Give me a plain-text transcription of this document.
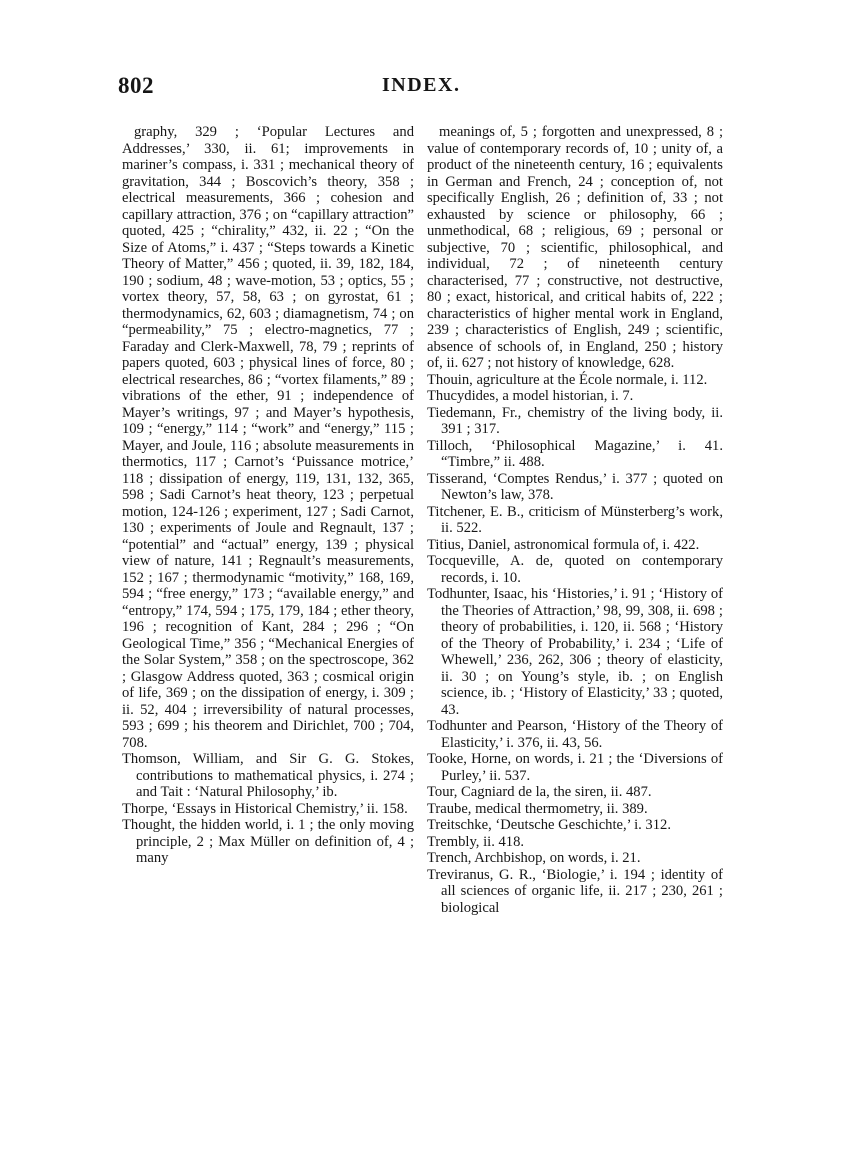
802	INDEX.
graphy, 329 ; ‘Popular Lectures and Addresses,’ 330, ii. 61; improvements in mariner’s compass, i. 331 ; mechanical theory of gravitation, 344 ; Boscovich’s theory, 358 ; electrical measurements, 366 ; cohesion and capillary attraction, 376 ; on “capillary attraction” quoted, 425 ; “chirality,” 432, ii. 22 ; “On the Size of Atoms,” i. 437 ; “Steps towards a Kinetic Theory of Matter,” 456 ; quoted, ii. 39, 182, 184, 190 ; sodium, 48 ; wave-motion, 53 ; optics, 55 ; vortex theory, 57, 58, 63 ; on gyrostat, 61 ; thermodynamics, 62, 603 ; diamagnetism, 74 ; on “permeability,” 75 ; electro-magnetics, 77 ; Faraday and Clerk-Maxwell, 78, 79 ; reprints of papers quoted, 603 ; physical lines of force, 80 ; electrical researches, 86 ; “vortex filaments,” 89 ; vibrations of the ether, 91 ; independence of Mayer’s writings, 97 ; and Mayer’s hypothesis, 109 ; “energy,” 114 ; “work” and “energy,” 115 ; Mayer, and Joule, 116 ; absolute measurements in thermotics, 117 ; Carnot’s ‘Puissance motrice,’ 118 ; dissipation of energy, 119, 131, 132, 365, 598 ; Sadi Carnot’s heat theory, 123 ; perpetual motion, 124-126 ; experiment, 127 ; Sadi Carnot, 130 ; experiments of Joule and Regnault, 137 ; “potential” and “actual” energy, 139 ; physical view of nature, 141 ; Regnault’s measurements, 152 ; 167 ; thermodynamic “motivity,” 168, 169, 594 ; “free energy,” 173 ; “available energy,” and “entropy,” 174, 594 ; 175, 179, 184 ; ether theory, 196 ; recognition of Kant, 284 ; 296 ; “On Geological Time,” 356 ; “Mechanical Energies of the Solar System,” 358 ; on the spectroscope, 362 ; Glasgow Address quoted, 363 ; cosmical origin of life, 369 ; on the dissipation of energy, i. 309 ; ii. 52, 404 ; irreversibility of natural processes, 593 ; 699 ; his theorem and Dirichlet, 700 ; 704, 708.
Thomson, William, and Sir G. G. Stokes, contributions to mathematical physics, i. 274 ; and Tait : ‘Natural Philosophy,’ ib.
Thorpe, ‘Essays in Historical Chemistry,’ ii. 158.
Thought, the hidden world, i. 1 ; the only moving principle, 2 ; Max Müller on definition of, 4 ; many
meanings of, 5 ; forgotten and unexpressed, 8 ; value of contemporary records of, 10 ; unity of, a product of the nineteenth century, 16 ; equivalents in German and French, 24 ; conception of, not specifically English, 26 ; definition of, 33 ; not exhausted by science or philosophy, 66 ; unmethodical, 68 ; religious, 69 ; personal or subjective, 70 ; scientific, philosophical, and individual, 72 ; of nineteenth century characterised, 77 ; constructive, not destructive, 80 ; exact, historical, and critical habits of, 222 ; characteristics of higher mental work in England, 239 ; characteristics of English, 249 ; scientific, absence of schools of, in England, 250 ; history of, ii. 627 ; not history of knowledge, 628.
Thouin, agriculture at the École normale, i. 112.
Thucydides, a model historian, i. 7.
Tiedemann, Fr., chemistry of the living body, ii. 391 ; 317.
Tilloch, ‘Philosophical Magazine,’ i. 41. “Timbre,” ii. 488.
Tisserand, ‘Comptes Rendus,’ i. 377 ; quoted on Newton’s law, 378.
Titchener, E. B., criticism of Münsterberg’s work, ii. 522.
Titius, Daniel, astronomical formula of, i. 422.
Tocqueville, A. de, quoted on contemporary records, i. 10.
Todhunter, Isaac, his ‘Histories,’ i. 91 ; ‘History of the Theories of Attraction,’ 98, 99, 308, ii. 698 ; theory of probabilities, i. 120, ii. 568 ; ‘History of the Theory of Probability,’ i. 234 ; ‘Life of Whewell,’ 236, 262, 306 ; theory of elasticity, ii. 30 ; on Young’s style, ib. ; on English science, ib. ; ‘History of Elasticity,’ 33 ; quoted, 43.
Todhunter and Pearson, ‘History of the Theory of Elasticity,’ i. 376, ii. 43, 56.
Tooke, Horne, on words, i. 21 ; the ‘Diversions of Purley,’ ii. 537.
Tour, Cagniard de la, the siren, ii. 487.
Traube, medical thermometry, ii. 389.
Treitschke, ‘Deutsche Geschichte,’ i. 312.
Trembly, ii. 418.
Trench, Archbishop, on words, i. 21.
Treviranus, G. R., ‘Biologie,’ i. 194 ; identity of all sciences of organic life, ii. 217 ; 230, 261 ; biological
